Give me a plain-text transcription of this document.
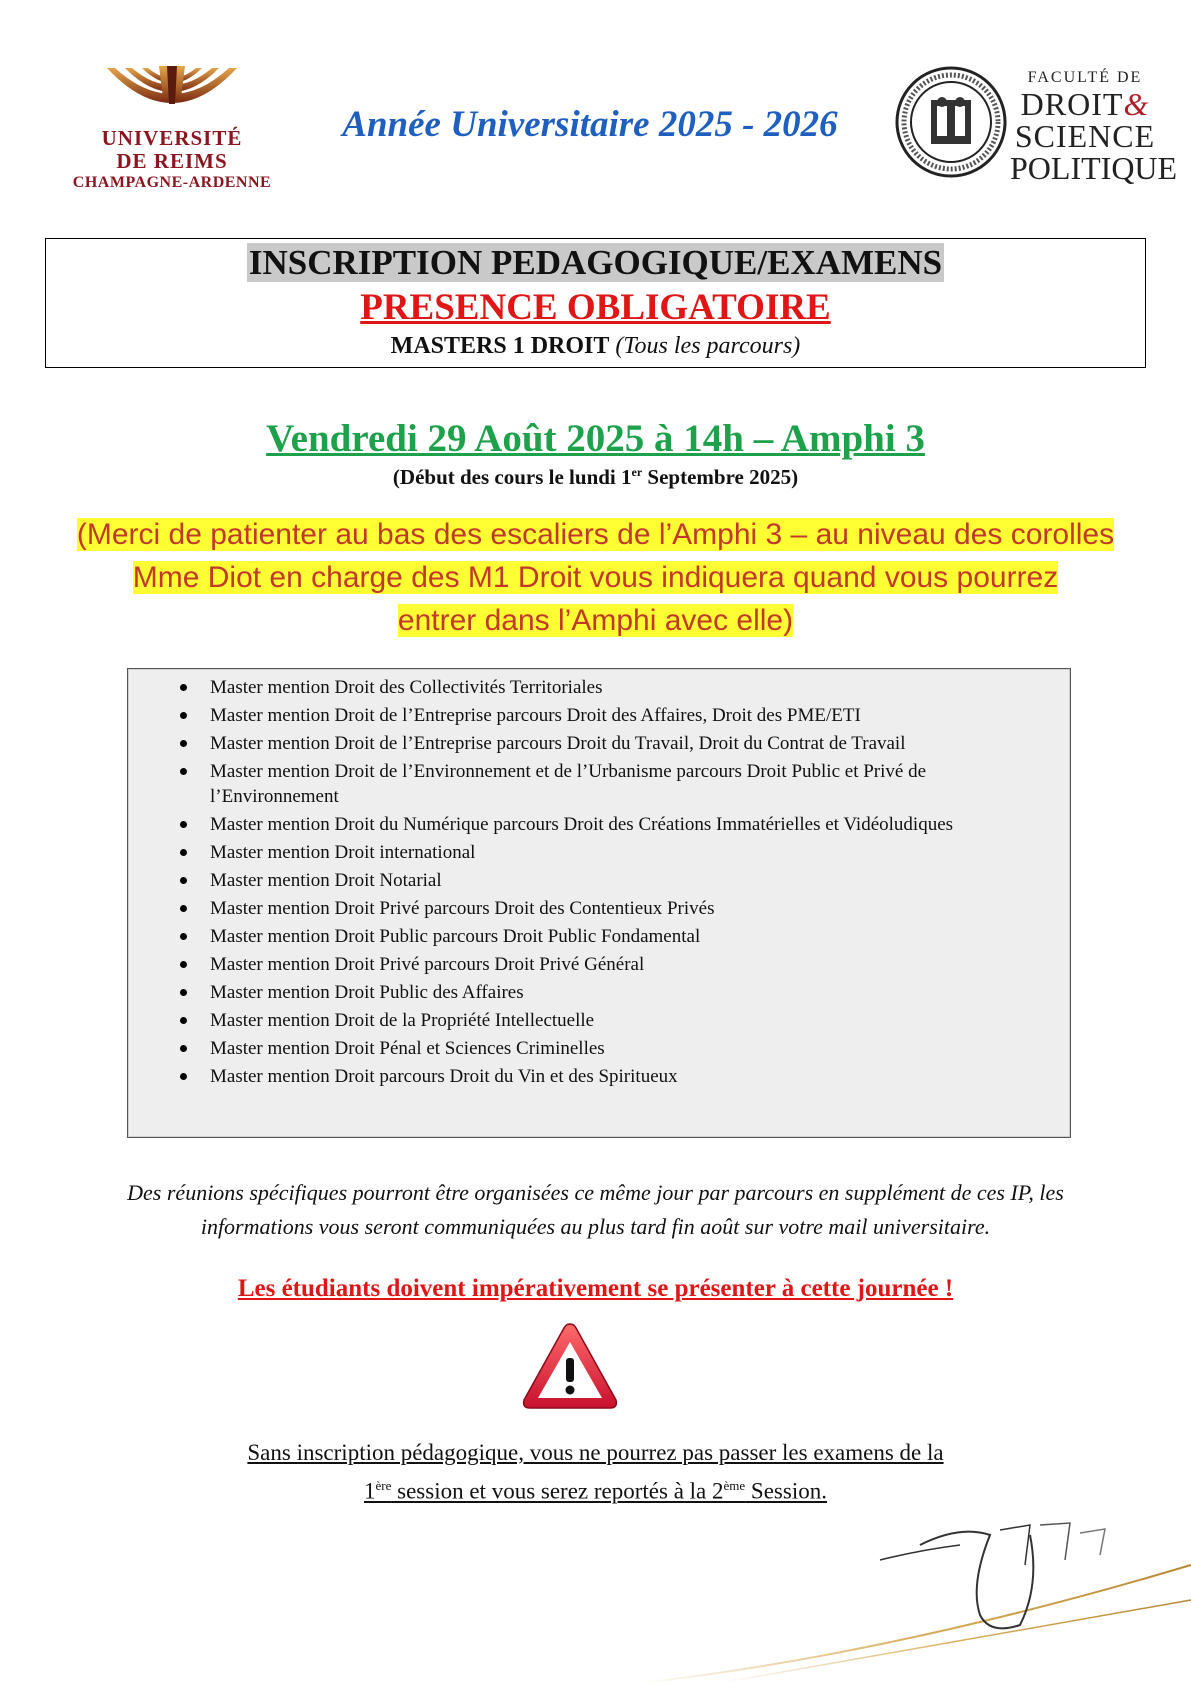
UNIVERSITÉ
DE REIMS
CHAMPAGNE-ARDENNE
Année Universitaire 2025 - 2026
FACULTÉ DE
DROIT&
SCIENCE
POLITIQUE
INSCRIPTION PEDAGOGIQUE/EXAMENS
PRESENCE OBLIGATOIRE
MASTERS 1 DROIT (Tous les parcours)
Vendredi 29 Août 2025 à 14h – Amphi 3
(Début des cours le lundi 1er Septembre 2025)
(Merci de patienter au bas des escaliers de l’Amphi 3 – au niveau des corolles
Mme Diot en charge des M1 Droit vous indiquera quand vous pourrez
entrer dans l’Amphi avec elle)
Master mention Droit des Collectivités Territoriales
Master mention Droit de l’Entreprise parcours Droit des Affaires, Droit des PME/ETI
Master mention Droit de l’Entreprise parcours Droit du Travail, Droit du Contrat de Travail
Master mention Droit de l’Environnement et de l’Urbanisme parcours Droit Public et Privé de l’Environnement
Master mention Droit du Numérique parcours Droit des Créations Immatérielles et Vidéoludiques
Master mention Droit international
Master mention Droit Notarial
Master mention Droit Privé parcours Droit des Contentieux Privés
Master mention Droit Public parcours Droit Public Fondamental
Master mention Droit Privé parcours Droit Privé Général
Master mention Droit Public des Affaires
Master mention Droit de la Propriété Intellectuelle
Master mention Droit Pénal et Sciences Criminelles
Master mention Droit parcours Droit du Vin et des Spiritueux
Des réunions spécifiques pourront être organisées ce même jour par parcours en supplément de ces IP, les
informations vous seront communiquées au plus tard fin août sur votre mail universitaire.
Les étudiants doivent impérativement se présenter à cette journée !
Sans inscription pédagogique, vous ne pourrez pas passer les examens de la
1ère session et vous serez reportés à la 2ème Session.
